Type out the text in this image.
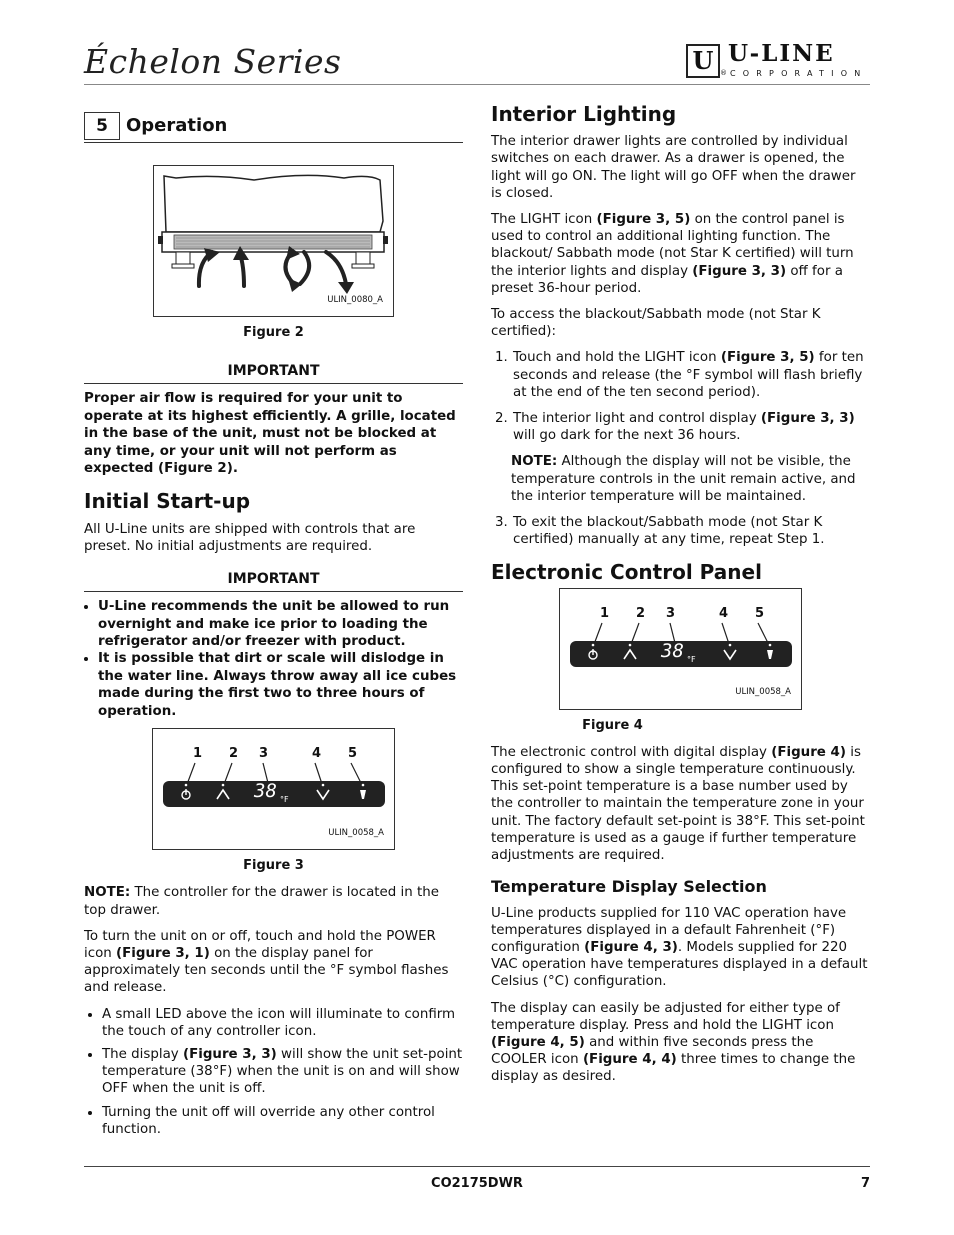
Échelon Series	U U-LINE
CORPORATION
®
5	Operation
ULIN_0080_A
Figure 2
IMPORTANT
Proper air flow is required for your unit to operate at its highest efficiently. A grille, located in the base of the unit, must not be blocked at any time, or your unit will not perform as expected (Figure 2).
Initial Start-up

All U-Line units are shipped with controls that are preset. No initial adjustments are required.

IMPORTANT
• U-Line recommends the unit be allowed to run overnight and make ice prior to loading the refrigerator and/or freezer with product.
• It is possible that dirt or scale will dislodge in the water line. Always throw away all ice cubes made during the first two to three hours of operation.
1 2 3	4 5
38 °F
ULIN_0058_A
Figure 3

NOTE: The controller for the drawer is located in the top drawer.

To turn the unit on or off, touch and hold the POWER icon (Figure 3, 1) on the display panel for approximately ten seconds until the °F symbol flashes and release.

• A small LED above the icon will illuminate to confirm the touch of any controller icon.
• The display (Figure 3, 3) will show the unit set-point temperature (38°F) when the unit is on and will show OFF when the unit is off.
• Turning the unit off will override any other control function.
Interior Lighting

The interior drawer lights are controlled by individual switches on each drawer. As a drawer is opened, the light will go ON. The light will go OFF when the drawer is closed.

The LIGHT icon (Figure 3, 5) on the control panel is used to control an additional lighting function. The blackout/ Sabbath mode (not Star K certified) will turn the interior lights and display (Figure 3, 3) off for a preset 36-hour period.

To access the blackout/Sabbath mode (not Star K certified):

1. Touch and hold the LIGHT icon (Figure 3, 5) for ten seconds and release (the °F symbol will flash briefly at the end of the ten second period).
2. The interior light and control display (Figure 3, 3) will go dark for the next 36 hours.

NOTE: Although the display will not be visible, the temperature controls in the unit remain active, and the interior temperature will be maintained.

3. To exit the blackout/Sabbath mode (not Star K certified) manually at any time, repeat Step 1.
Electronic Control Panel
1 2 3	4 5
38 °F
ULIN_0058_A
Figure 4

The electronic control with digital display (Figure 4) is configured to show a single temperature continuously. This set-point temperature is a base number used by the controller to maintain the temperature zone in your unit. The factory default set-point is 38°F. This set-point temperature is used as a gauge if further temperature adjustments are required.

Temperature Display Selection

U-Line products supplied for 110 VAC operation have temperatures displayed in a default Fahrenheit (°F) configuration (Figure 4, 3). Models supplied for 220 VAC operation have temperatures displayed in a default Celsius (°C) configuration.

The display can easily be adjusted for either type of temperature display. Press and hold the LIGHT icon (Figure 4, 5) and within five seconds press the COOLER icon (Figure 4, 4) three times to change the display as desired.

CO2175DWR	7
